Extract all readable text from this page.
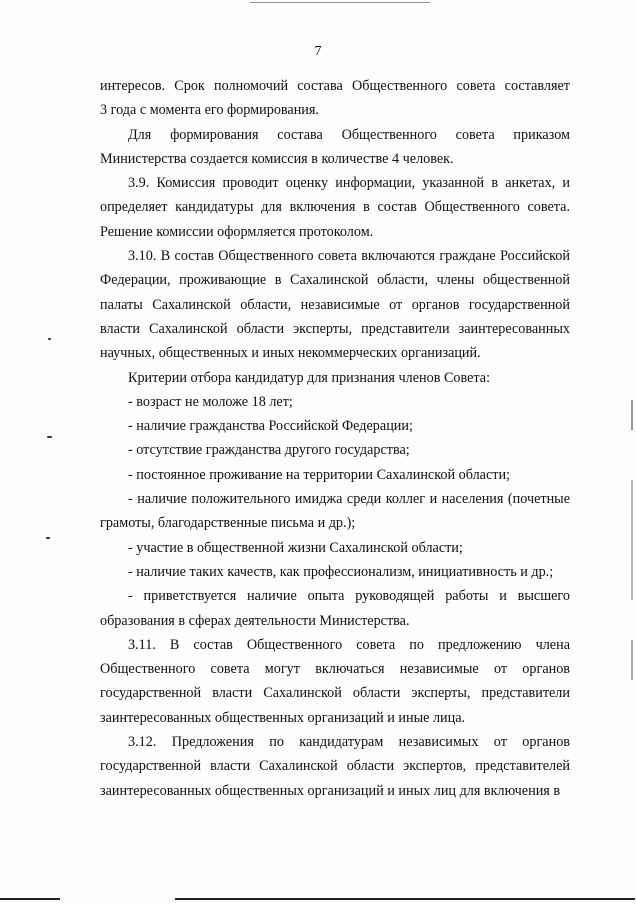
7

интересов. Срок полномочий состава Общественного совета составляет

3 года с момента его формирования.

Для формирования состава Общественного совета приказом

Министерства создается комиссия в количестве 4 человек.

3.9. Комиссия проводит оценку информации, указанной в анкетах, и

определяет кандидатуры для включения в состав Общественного совета.

Решение комиссии оформляется протоколом.

3.10. В состав Общественного совета включаются граждане Российской

Федерации, проживающие в Сахалинской области, члены общественной

палаты Сахалинской области, независимые от органов государственной

власти Сахалинской области эксперты, представители заинтересованных

научных, общественных и иных некоммерческих организаций.

Критерии отбора кандидатур для признания членов Совета:

- возраст не моложе 18 лет;

- наличие гражданства Российской Федерации;

- отсутствие гражданства другого государства;

- постоянное проживание на территории Сахалинской области;

- наличие положительного имиджа среди коллег и населения (почетные

грамоты, благодарственные письма и др.);

- участие в общественной жизни Сахалинской области;

- наличие таких качеств, как профессионализм, инициативность и др.;

- приветствуется наличие опыта руководящей работы и высшего

образования в сферах деятельности Министерства.

3.11. В состав Общественного совета по предложению члена

Общественного совета могут включаться независимые от органов

государственной власти Сахалинской области эксперты, представители

заинтересованных общественных организаций и иные лица.

3.12. Предложения по кандидатурам независимых от органов

государственной власти Сахалинской области экспертов, представителей

заинтересованных общественных организаций и иных лиц для включения в
